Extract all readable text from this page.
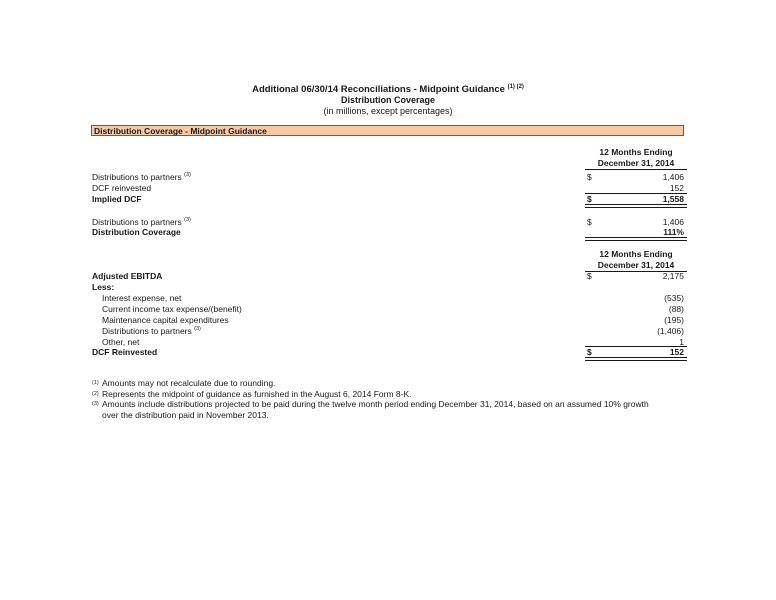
Additional 06/30/14 Reconciliations - Midpoint Guidance $^{(1) (2)}$
Distribution Coverage
(in millions, except percentages)
Distribution Coverage - Midpoint Guidance
12 Months Ending
December 31, 2014
Distributions to partners $^{(3)}$	$	1,406
DCF reinvested	152
Implied DCF	$	1,558
Distributions to partners $^{(3)}$	$	1,406
Distribution Coverage	111%
12 Months Ending
December 31, 2014
Adjusted EBITDA	$	2,175
Less:
Interest expense, net	(535)
Current income tax expense/(benefit)	(88)
Maintenance capital expenditures	(195)
Distributions to partners $^{(3)}$	(1,406)
Other, net	1
DCF Reinvested	$	152
(1) Amounts may not recalculate due to rounding.
(2) Represents the midpoint of guidance as furnished in the August 6, 2014 Form 8-K.
(3) Amounts include distributions projected to be paid during the twelve month period ending December 31, 2014, based on an assumed 10% growth over the distribution paid in November 2013.
